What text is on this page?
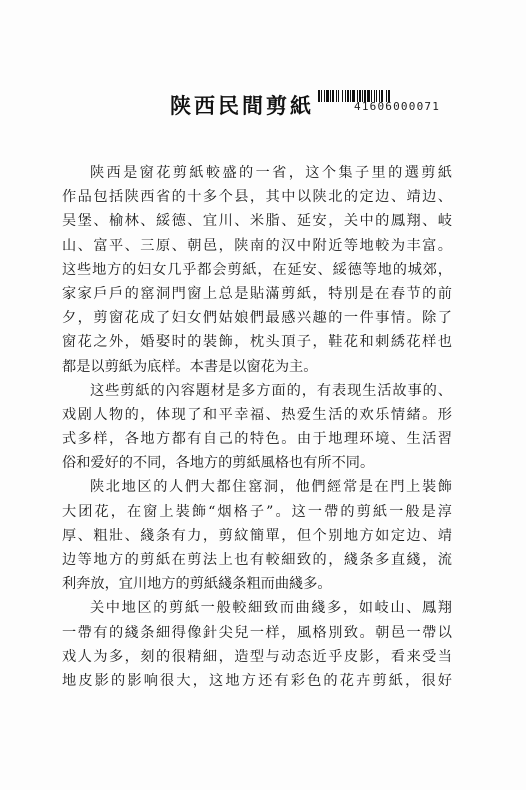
陕西民間剪紙	41606000071
陕西是窗花剪紙較盛的一省，这个集子里的選剪紙
作品包括陕西省的十多个县，其中以陕北的定边、靖边、
吴堡、榆林、綏德、宜川、米脂、延安，关中的鳳翔、岐
山、富平、三原、朝邑，陕南的汉中附近等地較为丰富。
这些地方的妇女几乎都会剪紙，在延安、綏德等地的城郊，
家家戶戶的窰洞門窗上总是貼滿剪紙，特別是在春节的前
夕，剪窗花成了妇女們姑娘們最感兴趣的一件事情。除了
窗花之外，婚娶时的裝飾，枕头頂子，鞋花和刺綉花样也
都是以剪紙为底样。本書是以窗花为主。
这些剪紙的內容題材是多方面的，有表现生活故事的、
戏剧人物的，体现了和平幸福、热爱生活的欢乐情緒。形
式多样，各地方都有自己的特色。由于地理环境、生活習
俗和爱好的不同，各地方的剪紙風格也有所不同。
陕北地区的人們大都住窰洞，他們經常是在門上裝飾
大团花，在窗上裝飾“烟格子”。这一帶的剪紙一般是淳
厚、粗壯、綫条有力，剪紋簡單，但个别地方如定边、靖
边等地方的剪紙在剪法上也有較細致的，綫条多直綫，流
利奔放，宜川地方的剪紙綫条粗而曲綫多。
关中地区的剪紙一般較細致而曲綫多，如岐山、鳳翔
一帶有的綫条細得像針尖兒一样，風格別致。朝邑一帶以
戏人为多，刻的很精細，造型与动态近乎皮影，看来受当
地皮影的影响很大，这地方还有彩色的花卉剪紙，很好
